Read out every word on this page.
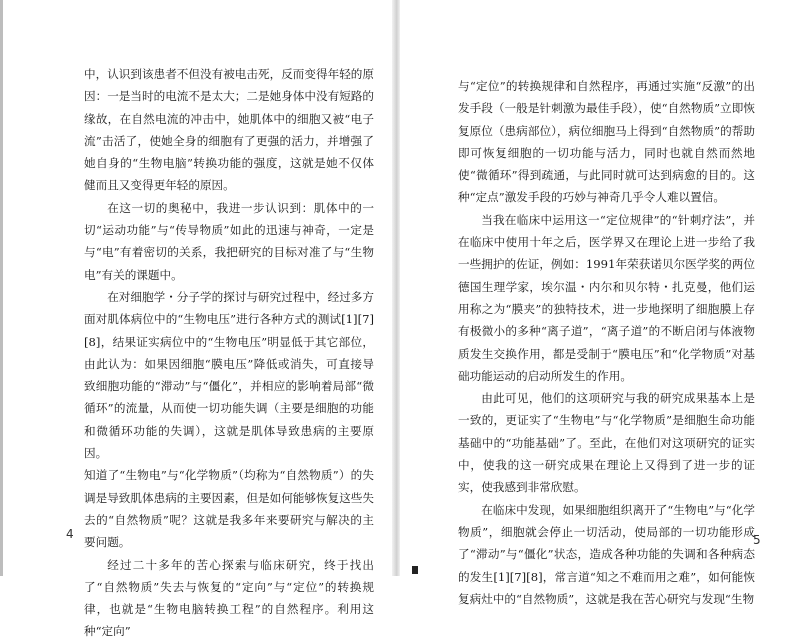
中，认识到该患者不但没有被电击死，反而变得年轻的原因：一是当时的电流不是太大；二是她身体中没有短路的缘故，在自然电流的冲击中，她肌体中的细胞又被“电子流”击活了，使她全身的细胞有了更强的活力，并增强了她自身的“生物电脑”转换功能的强度，这就是她不仅体健而且又变得更年轻的原因。

在这一切的奥秘中，我进一步认识到：肌体中的一切“运动功能”与“传导物质”如此的迅速与神奇，一定是与“电”有着密切的关系，我把研究的目标对准了与“生物电”有关的课题中。

在对细胞学・分子学的探讨与研究过程中，经过多方面对肌体病位中的“生物电压”进行各种方式的测试[1][7][8]，结果证实病位中的“生物电压”明显低于其它部位，由此认为：如果因细胞“膜电压”降低或消失，可直接导致细胞功能的“滞动”与“僵化”，并相应的影响着局部“微循环”的流量，从而使一切功能失调（主要是细胞的功能和微循环功能的失调），这就是肌体导致患病的主要原因。

知道了“生物电”与“化学物质”（均称为“自然物质”）的失调是导致肌体患病的主要因素，但是如何能够恢复这些失去的“自然物质”呢？这就是我多年来要研究与解决的主要问题。

经过二十多年的苦心探索与临床研究，终于找出了“自然物质”失去与恢复的“定向”与“定位”的转换规律，也就是“生物电脑转换工程”的自然程序。利用这种“定向”

4

与“定位”的转换规律和自然程序，再通过实施“反激”的出发手段（一般是针刺激为最佳手段），使“自然物质”立即恢复原位（患病部位），病位细胞马上得到“自然物质”的帮助即可恢复细胞的一切功能与活力，同时也就自然而然地使“微循环”得到疏通，与此同时就可达到病愈的目的。这种“定点”激发手段的巧妙与神奇几乎令人难以置信。

当我在临床中运用这一“定位规律”的“针刺疗法”，并在临床中使用十年之后，医学界又在理论上进一步给了我一些拥护的佐证，例如：1991年荣获诺贝尔医学奖的两位德国生理学家，埃尔温・内尔和贝尔特・扎克曼，他们运用称之为“膜夹”的独特技术，进一步地探明了细胞膜上存有极微小的多种“离子道”，“离子道”的不断启闭与体液物质发生交换作用，都是受制于“膜电压”和“化学物质”对基础功能运动的启动所发生的作用。

由此可见，他们的这项研究与我的研究成果基本上是一致的，更证实了“生物电”与“化学物质”是细胞生命功能基础中的“功能基础”了。至此，在他们对这项研究的证实中，使我的这一研究成果在理论上又得到了进一步的证实，使我感到非常欣慰。

在临床中发现，如果细胞组织离开了“生物电”与“化学物质”，细胞就会停止一切活动，使局部的一切功能形成了“滞动”与“僵化”状态，造成各种功能的失调和各种病态的发生[1][7][8]，常言道“知之不难而用之难”，如何能恢复病灶中的“自然物质”，这就是我在苦心研究与发现“生物

5
